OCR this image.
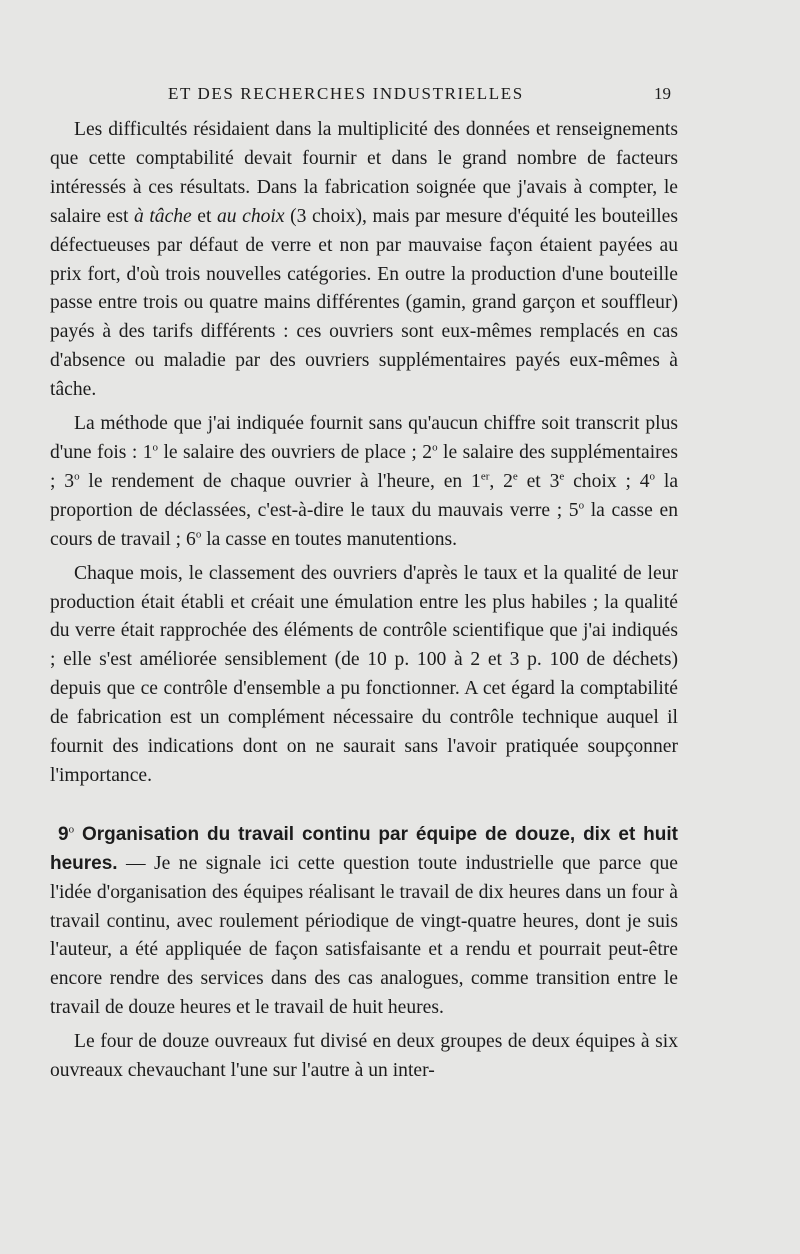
ET DES RECHERCHES INDUSTRIELLES	19

Les difficultés résidaient dans la multiplicité des données et renseignements que cette comptabilité devait fournir et dans le grand nombre de facteurs intéressés à ces résultats. Dans la fabrication soignée que j'avais à compter, le salaire est à tâche et au choix (3 choix), mais par mesure d'équité les bouteilles défectueuses par défaut de verre et non par mauvaise façon étaient payées au prix fort, d'où trois nouvelles catégories. En outre la production d'une bouteille passe entre trois ou quatre mains différentes (gamin, grand garçon et souffleur) payés à des tarifs différents : ces ouvriers sont eux-mêmes remplacés en cas d'absence ou maladie par des ouvriers supplémentaires payés eux-mêmes à tâche.

La méthode que j'ai indiquée fournit sans qu'aucun chiffre soit transcrit plus d'une fois : 1$^o$ le salaire des ouvriers de place ; 2$^o$ le salaire des supplémentaires ; 3$^o$ le rendement de chaque ouvrier à l'heure, en 1er, 2e et 3e choix ; 4$^o$ la proportion de déclassées, c'est-à-dire le taux du mauvais verre ; 5$^o$ la casse en cours de travail ; 6$^o$ la casse en toutes manutentions.

Chaque mois, le classement des ouvriers d'après le taux et la qualité de leur production était établi et créait une émulation entre les plus habiles ; la qualité du verre était rapprochée des éléments de contrôle scientifique que j'ai indiqués ; elle s'est améliorée sensiblement (de 10 p. 100 à 2 et 3 p. 100 de déchets) depuis que ce contrôle d'ensemble a pu fonctionner. A cet égard la comptabilité de fabrication est un complément nécessaire du contrôle technique auquel il fournit des indications dont on ne saurait sans l'avoir pratiquée soupçonner l'importance.

9$^o$ Organisation du travail continu par équipe de douze, dix et huit heures. — Je ne signale ici cette question toute industrielle que parce que l'idée d'organisation des équipes réalisant le travail de dix heures dans un four à travail continu, avec roulement périodique de vingt-quatre heures, dont je suis l'auteur, a été appliquée de façon satisfaisante et a rendu et pourrait peut-être encore rendre des services dans des cas analogues, comme transition entre le travail de douze heures et le travail de huit heures.

Le four de douze ouvreaux fut divisé en deux groupes de deux équipes à six ouvreaux chevauchant l'une sur l'autre à un inter-
